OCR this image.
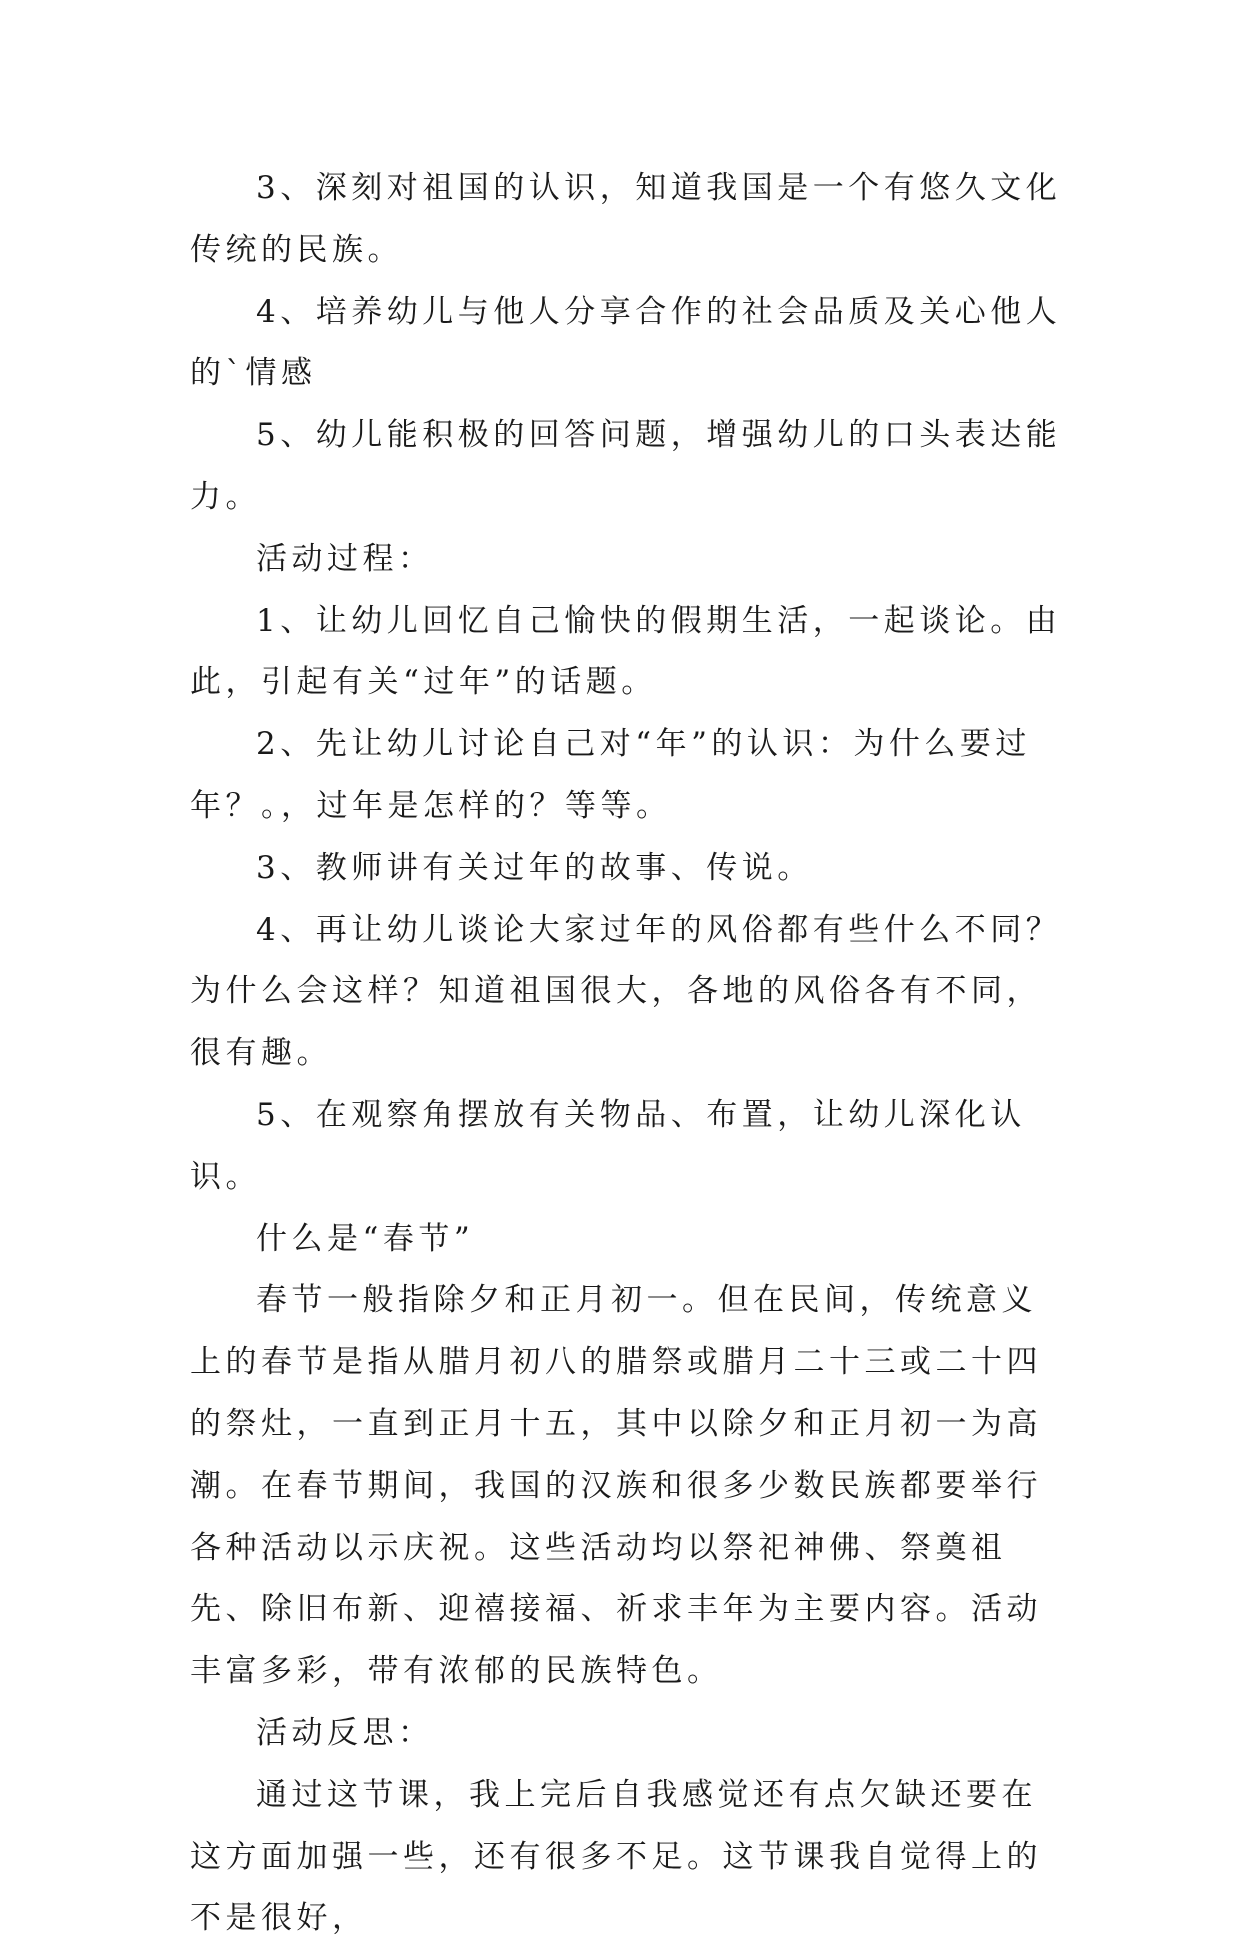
3、深刻对祖国的认识，知道我国是一个有悠久文化传统的民族。

4、培养幼儿与他人分享合作的社会品质及关心他人的`情感

5、幼儿能积极的回答问题，增强幼儿的口头表达能力。

活动过程：

1、让幼儿回忆自己愉快的假期生活，一起谈论。由此，引起有关“过年”的话题。

2、先让幼儿讨论自己对“年”的认识：为什么要过年？。，过年是怎样的？等等。

3、教师讲有关过年的故事、传说。

4、再让幼儿谈论大家过年的风俗都有些什么不同？为什么会这样？知道祖国很大，各地的风俗各有不同，很有趣。

5、在观察角摆放有关物品、布置，让幼儿深化认识。

什么是“春节”

春节一般指除夕和正月初一。但在民间，传统意义上的春节是指从腊月初八的腊祭或腊月二十三或二十四的祭灶，一直到正月十五，其中以除夕和正月初一为高潮。在春节期间，我国的汉族和很多少数民族都要举行各种活动以示庆祝。这些活动均以祭祀神佛、祭奠祖先、除旧布新、迎禧接福、祈求丰年为主要内容。活动丰富多彩，带有浓郁的民族特色。

活动反思：

通过这节课，我上完后自我感觉还有点欠缺还要在这方面加强一些，还有很多不足。这节课我自觉得上的不是很好，
